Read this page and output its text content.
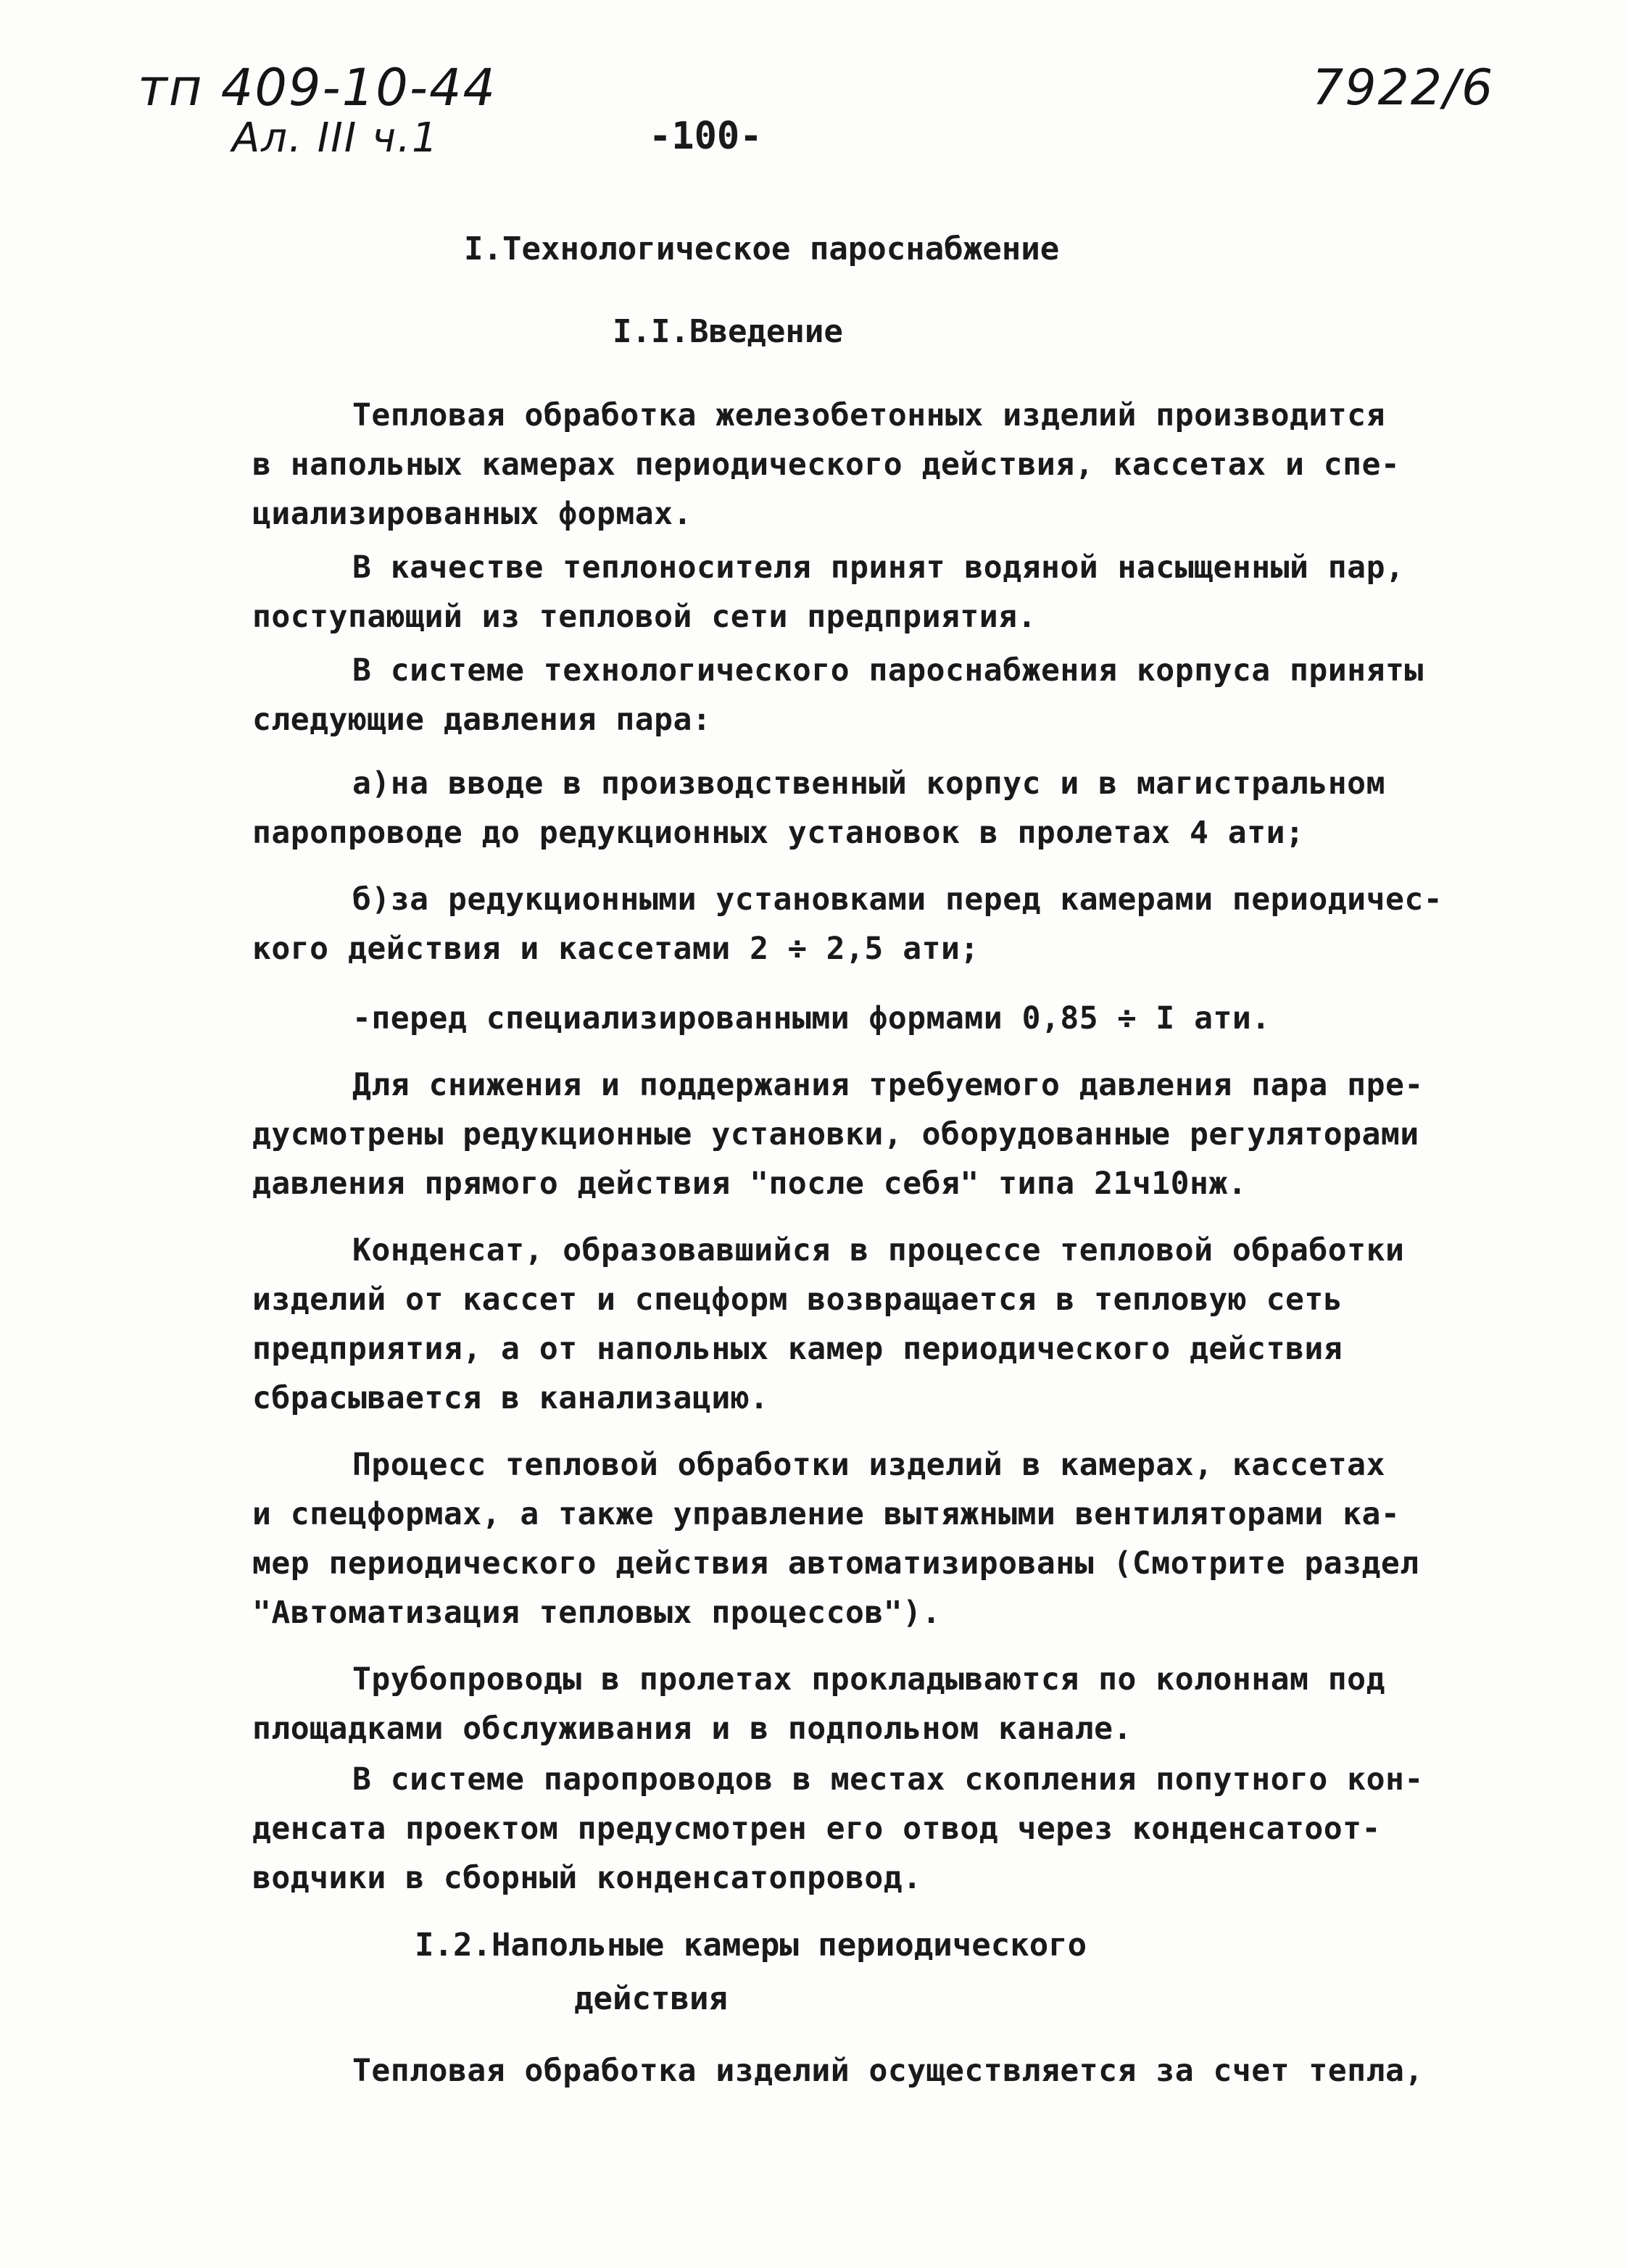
тп 409-10-44
Ал. III ч.1	-100-
7922/6
I.Технологическое пароснабжение
I.I.Введение
Тепловая обработка железобетонных изделий производится
в напольных камерах периодического действия, кассетах и спе-
циализированных формах.
В качестве теплоносителя принят водяной насыщенный пар,
поступающий из тепловой сети предприятия.
В системе технологического пароснабжения корпуса приняты
следующие давления пара:
а)на вводе в производственный корпус и в магистральном
паропроводе до редукционных установок в пролетах 4 ати;
б)за редукционными установками перед камерами периодичес-
кого действия и кассетами 2 ÷ 2,5 ати;
-перед специализированными формами 0,85 ÷ I ати.
Для снижения и поддержания требуемого давления пара пре-
дусмотрены редукционные установки, оборудованные регуляторами
давления прямого действия "после себя" типа 21ч10нж.
Конденсат, образовавшийся в процессе тепловой обработки
изделий от кассет и спецформ возвращается в тепловую сеть
предприятия, а от напольных камер периодического действия
сбрасывается в канализацию.
Процесс тепловой обработки изделий в камерах, кассетах
и спецформах, а также управление вытяжными вентиляторами ка-
мер периодического действия автоматизированы (Смотрите раздел
"Автоматизация тепловых процессов").
Трубопроводы в пролетах прокладываются по колоннам под
площадками обслуживания и в подпольном канале.
В системе паропроводов в местах скопления попутного кон-
денсата проектом предусмотрен его отвод через конденсатоот-
водчики в сборный конденсатопровод.
I.2.Напольные камеры периодического
действия
Тепловая обработка изделий осуществляется за счет тепла,
